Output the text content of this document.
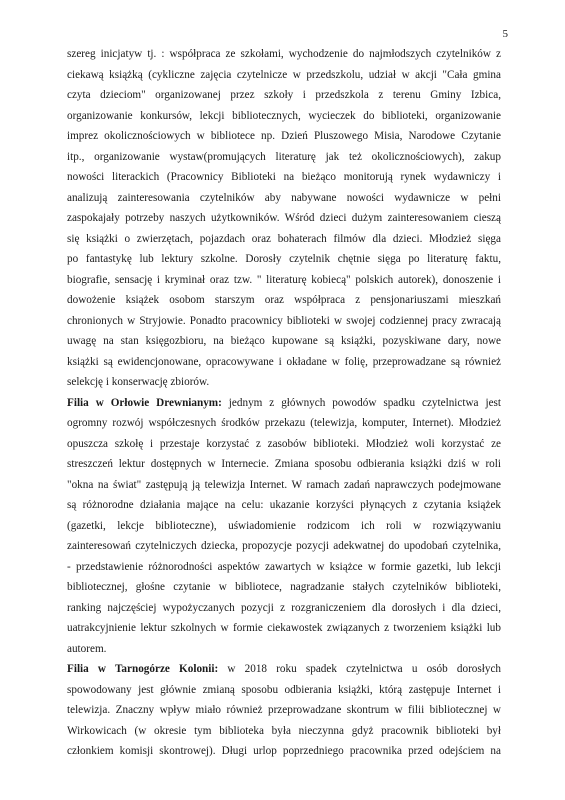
5
szereg inicjatyw tj. : współpraca ze szkołami, wychodzenie do najmłodszych czytelników z
ciekawą książką (cykliczne zajęcia czytelnicze w przedszkolu, udział w akcji "Cała gmina
czyta dzieciom" organizowanej przez szkoły i przedszkola z terenu Gminy Izbica,
organizowanie konkursów, lekcji bibliotecznych, wycieczek do biblioteki, organizowanie
imprez okolicznościowych w bibliotece np. Dzień Pluszowego Misia, Narodowe Czytanie
itp., organizowanie wystaw(promujących literaturę jak też okolicznościowych), zakup
nowości literackich (Pracownicy Biblioteki na bieżąco monitorują rynek wydawniczy i
analizują zainteresowania czytelników aby nabywane nowości wydawnicze w pełni
zaspokajały potrzeby naszych użytkowników. Wśród dzieci dużym zainteresowaniem cieszą
się książki o zwierzętach, pojazdach oraz bohaterach filmów dla dzieci. Młodzież sięga
po fantastykę lub lektury szkolne. Dorosły czytelnik chętnie sięga po literaturę faktu,
biografie, sensację i kryminał oraz tzw. " literaturę kobiecą" polskich autorek), donoszenie i
dowożenie książek osobom starszym oraz współpraca z pensjonariuszami mieszkań
chronionych w Stryjowie. Ponadto pracownicy biblioteki w swojej codziennej pracy zwracają
uwagę na stan księgozbioru, na bieżąco kupowane są książki, pozyskiwane dary, nowe
książki są ewidencjonowane, opracowywane i okładane w folię, przeprowadzane są również
selekcję i konserwację zbiorów.
Filia w Orłowie Drewnianym: jednym z głównych powodów spadku czytelnictwa jest
ogromny rozwój współczesnych środków przekazu (telewizja, komputer, Internet). Młodzież
opuszcza szkołę i przestaje korzystać z zasobów biblioteki. Młodzież woli korzystać ze
streszczeń lektur dostępnych w Internecie. Zmiana sposobu odbierania książki dziś w roli
"okna na świat" zastępują ją telewizja Internet. W ramach zadań naprawczych podejmowane
są różnorodne działania mające na celu: ukazanie korzyści płynących z czytania książek
(gazetki, lekcje biblioteczne), uświadomienie rodzicom ich roli w rozwiązywaniu
zainteresowań czytelniczych dziecka, propozycje pozycji adekwatnej do upodobań czytelnika,
- przedstawienie różnorodności aspektów zawartych w książce w formie gazetki, lub lekcji
bibliotecznej, głośne czytanie w bibliotece, nagradzanie stałych czytelników biblioteki,
ranking najczęściej wypożyczanych pozycji z rozgraniczeniem dla dorosłych i dla dzieci,
uatrakcyjnienie lektur szkolnych w formie ciekawostek związanych z tworzeniem książki lub
autorem.
Filia w Tarnogórze Kolonii: w 2018 roku spadek czytelnictwa u osób dorosłych
spowodowany jest głównie zmianą sposobu odbierania książki, którą zastępuje Internet i
telewizja. Znaczny wpływ miało również przeprowadzane skontrum w filii bibliotecznej w
Wirkowicach (w okresie tym biblioteka była nieczynna gdyż pracownik biblioteki był
członkiem komisji skontrowej). Długi urlop poprzedniego pracownika przed odejściem na
